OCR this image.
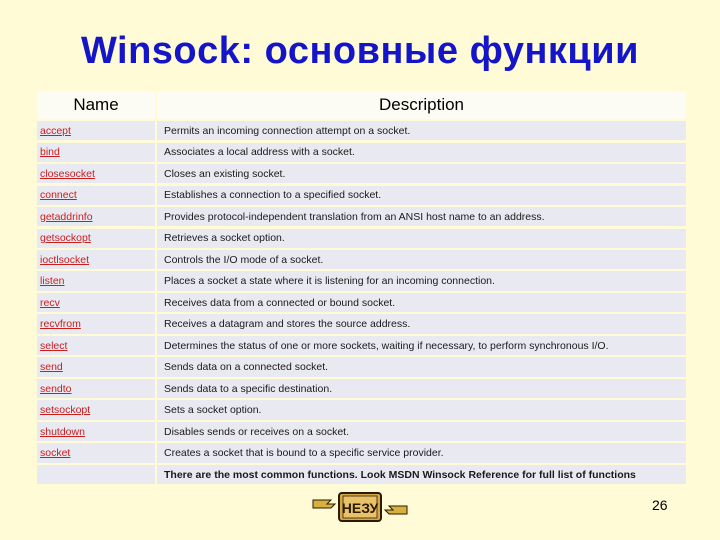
Winsock: основные функции
Name	Description
accept	Permits an incoming connection attempt on a socket.
bind	Associates a local address with a socket.
closesocket	Closes an existing socket.
connect	Establishes a connection to a specified socket.
getaddrinfo	Provides protocol-independent translation from an ANSI host name to an address.
getsockopt	Retrieves a socket option.
ioctlsocket	Controls the I/O mode of a socket.
listen	Places a socket a state where it is listening for an incoming connection.
recv	Receives data from a connected or bound socket.
recvfrom	Receives a datagram and stores the source address.
select	Determines the status of one or more sockets, waiting if necessary, to perform synchronous I/O.
send	Sends data on a connected socket.
sendto	Sends data to a specific destination.
setsockopt	Sets a socket option.
shutdown	Disables sends or receives on a socket.
socket	Creates a socket that is bound to a specific service provider.
There are the most common functions. Look MSDN Winsock Reference for full list of functions
НЕЗУ	26
